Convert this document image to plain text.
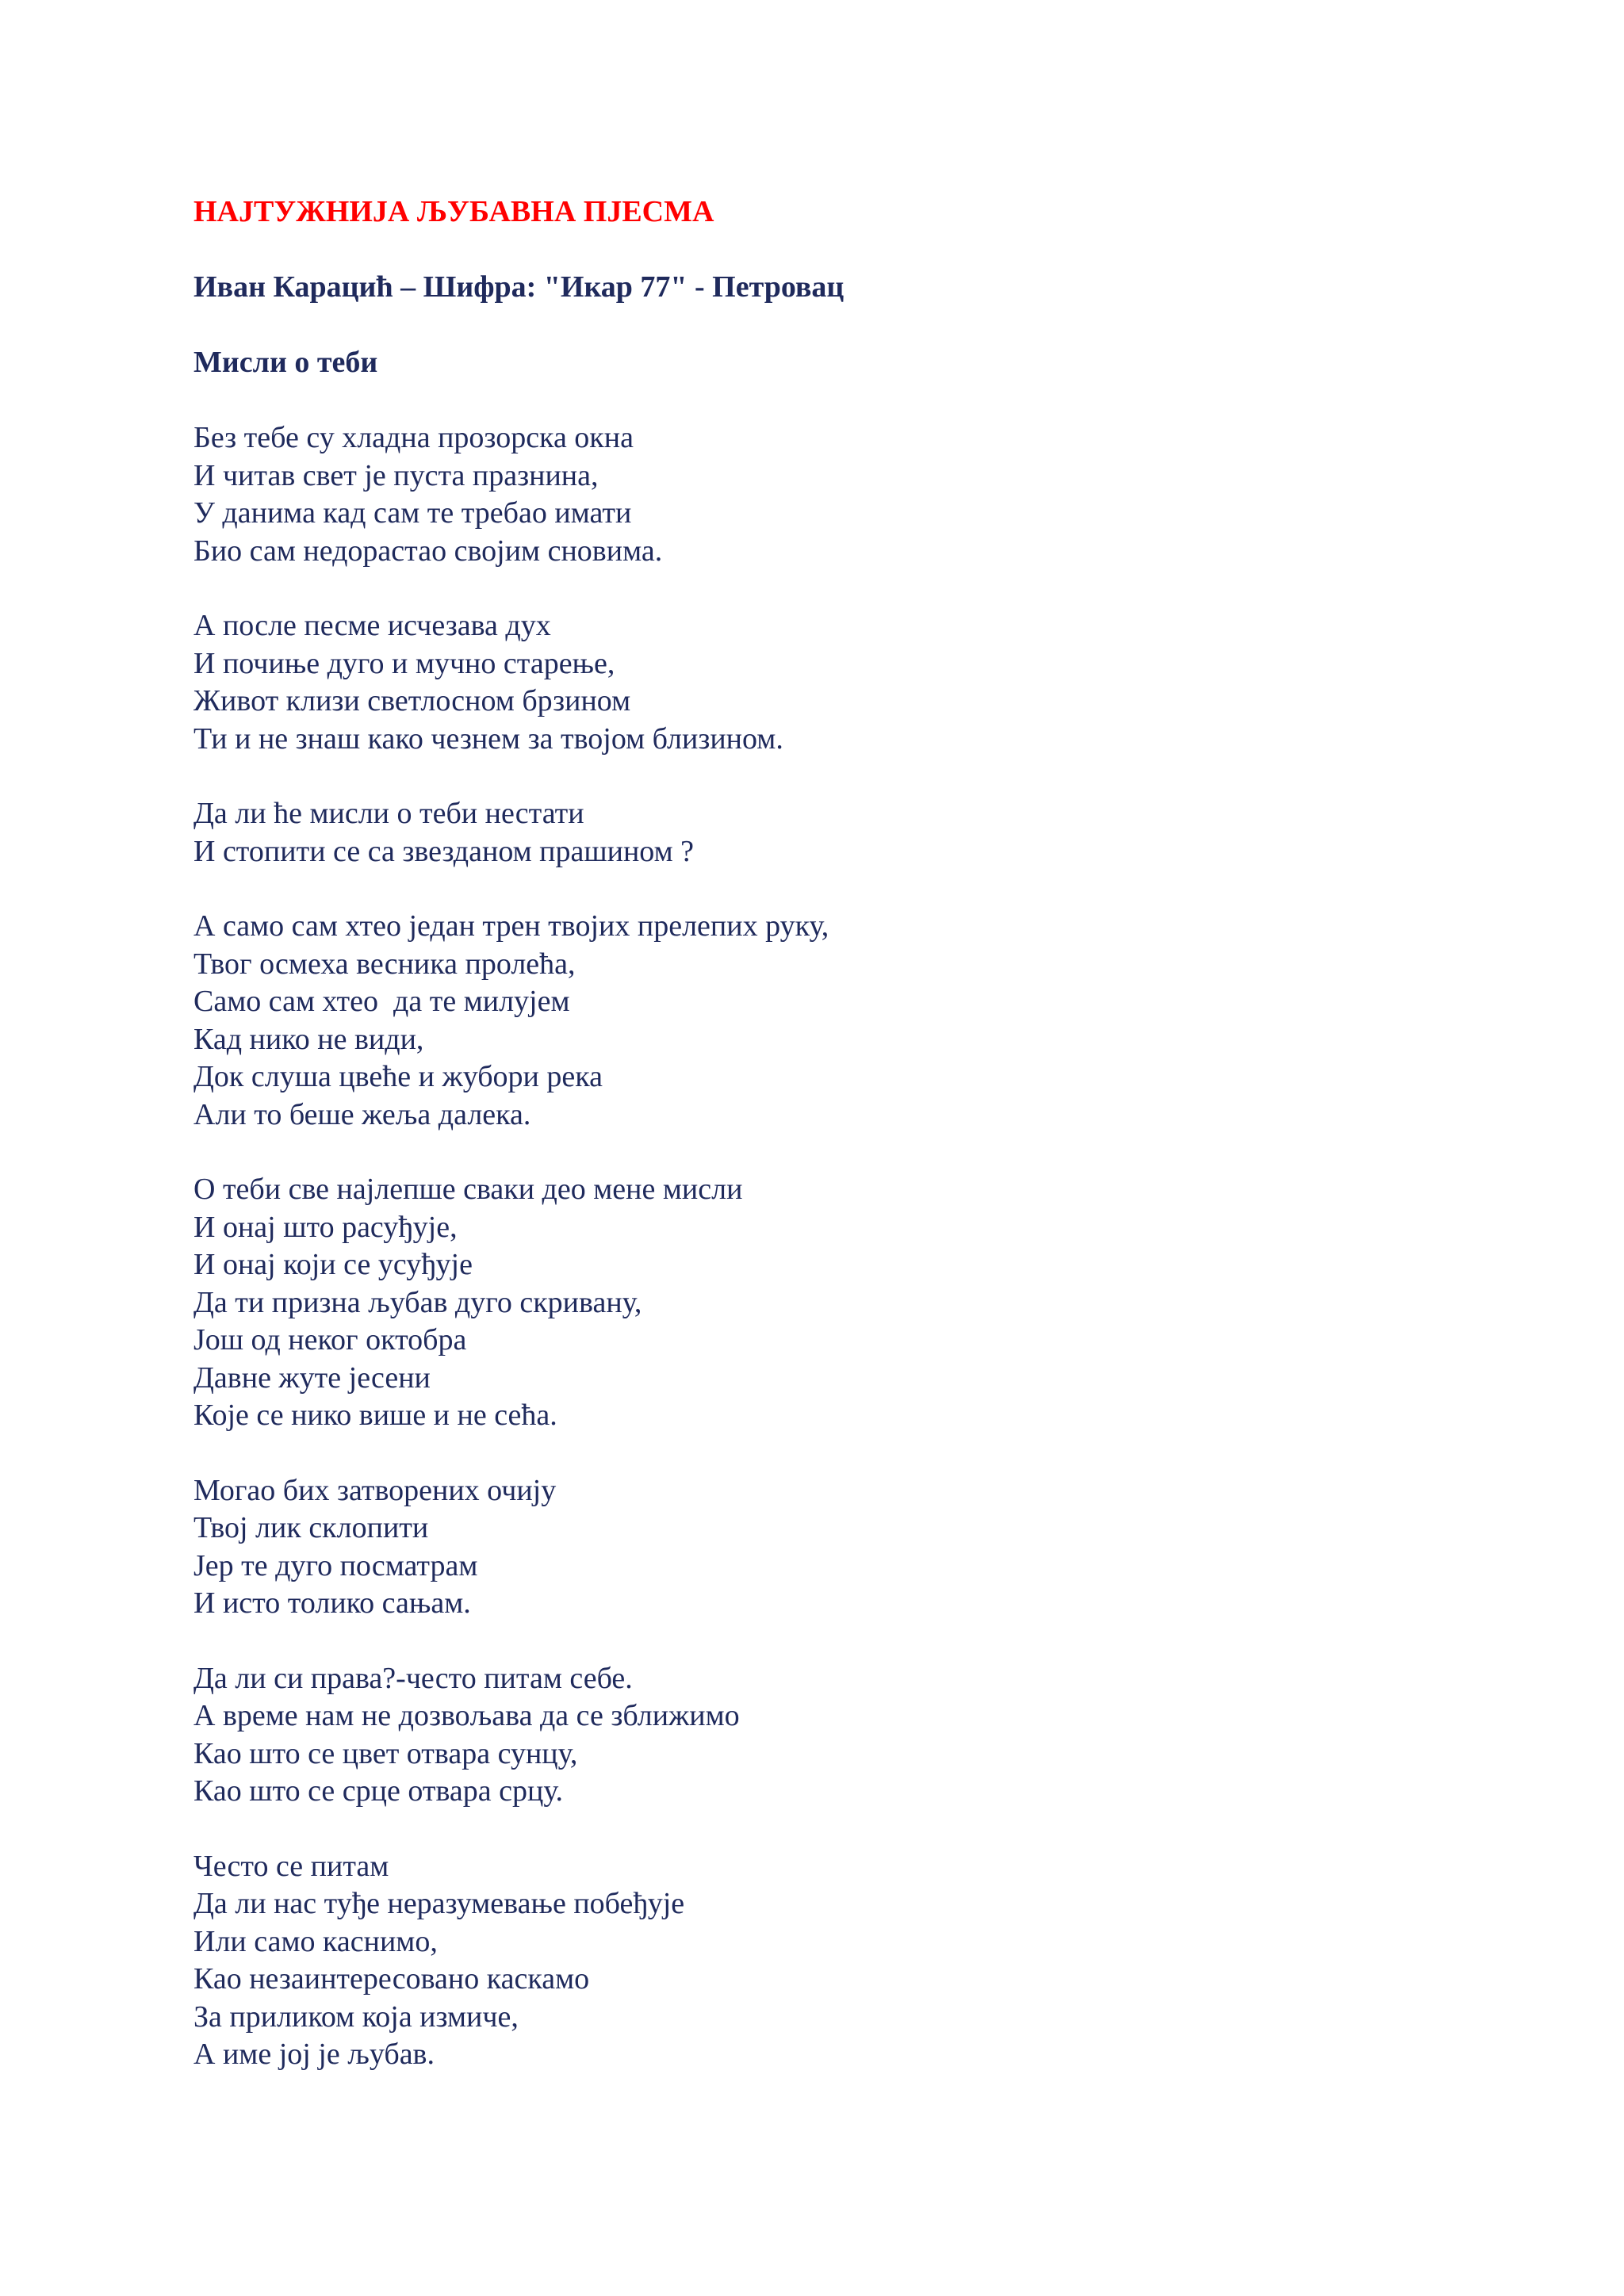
НАЈТУЖНИЈА ЉУБАВНА ПЈЕСМА
Иван Карацић – Шифра: "Икар 77" - Петровац
Мисли о теби
Без тебе су хладна прозорска окна
И читав свет је пуста празнина,
У данима кад сам те требао имати
Био сам недорастао својим сновима.
А после песме исчезава дух
И почиње дуго и мучно старење,
Живот клизи светлосном брзином
Ти и не знаш како чезнем за твојом близином.
Да ли ће мисли о теби нестати
И стопити се са звезданом прашином ?
А само сам хтео један трен твојих прелепих руку,
Твог осмеха весника пролећа,
Само сам хтео  да те милујем
Кад нико не види,
Док слуша цвеће и жубори река
Али то беше жеља далека.
О теби све најлепше сваки део мене мисли
И онај што расуђује,
И онај који се усуђује
Да ти призна љубав дуго скривану,
Још од неког октобра
Давне жуте јесени
Које се нико више и не сећа.
Могао бих затворених очију
Твој лик склопити
Јер те дуго посматрам
И исто толико сањам.
Да ли си права?-често питам себе.
А време нам не дозвољава да се зближимо
Као што се цвет отвара сунцу,
Као што се срце отвара срцу.
Често се питам
Да ли нас туђе неразумевање побеђује
Или само каснимо,
Као незаинтересовано каскамо
За приликом која измиче,
А име јој је љубав.
